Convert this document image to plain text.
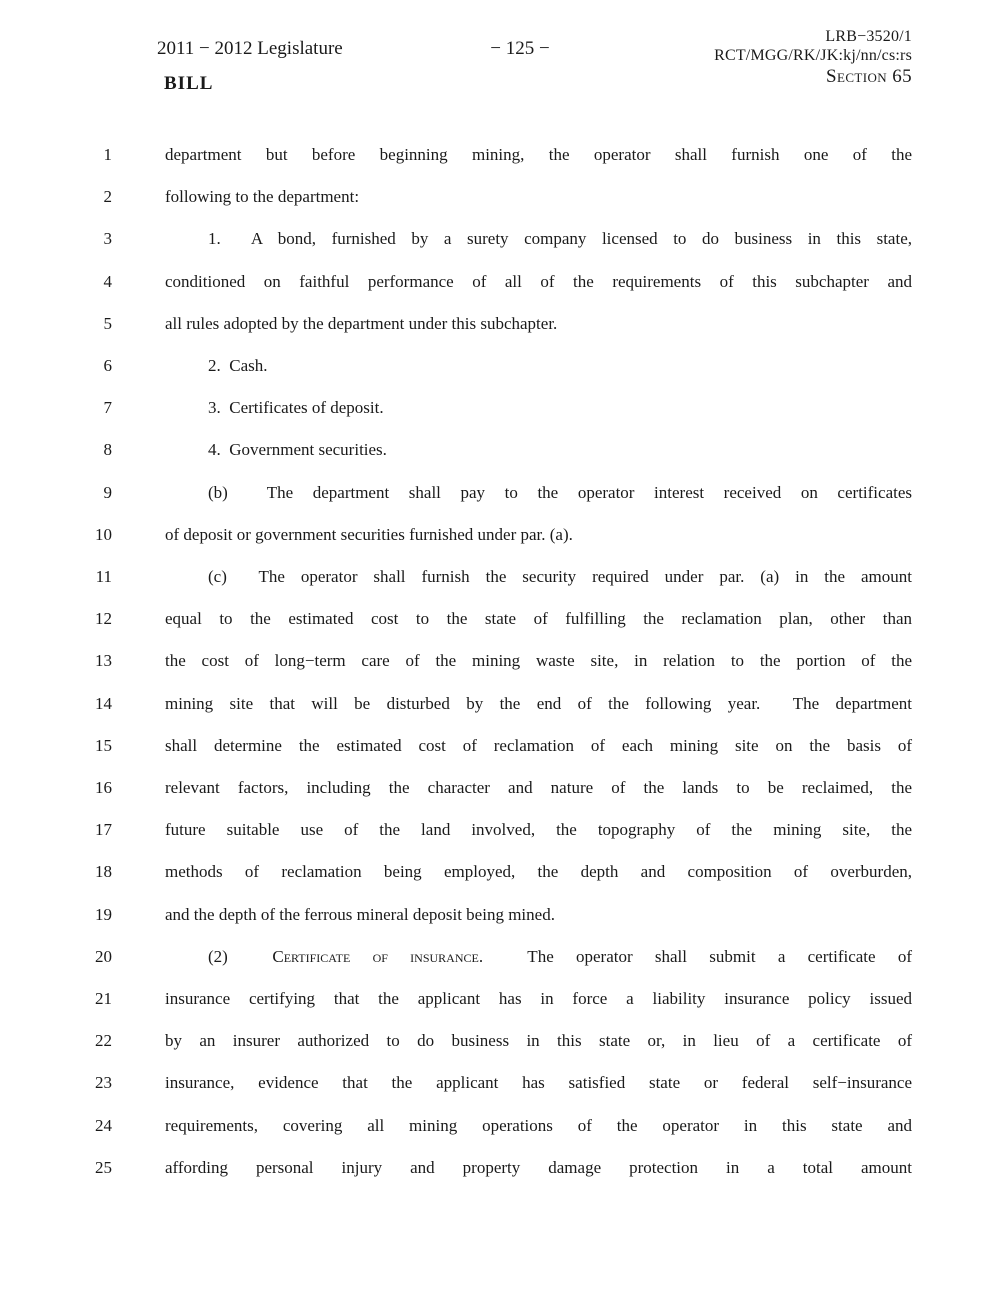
2011 − 2012 Legislature	− 125 −
LRB−3520/1
RCT/MGG/RK/JK:kj/nn/cs:rs
Section 65
BILL
1	department but before beginning mining, the operator shall furnish one of the
2	following to the department:
3	1.  A bond, furnished by a surety company licensed to do business in this state,
4	conditioned on faithful performance of all of the requirements of this subchapter and
5	all rules adopted by the department under this subchapter.
6	2.  Cash.
7	3.  Certificates of deposit.
8	4.  Government securities.
9	(b)  The department shall pay to the operator interest received on certificates
10	of deposit or government securities furnished under par. (a).
11	(c)  The operator shall furnish the security required under par. (a) in the amount
12	equal to the estimated cost to the state of fulfilling the reclamation plan, other than
13	the cost of long−term care of the mining waste site, in relation to the portion of the
14	mining site that will be disturbed by the end of the following year.  The department
15	shall determine the estimated cost of reclamation of each mining site on the basis of
16	relevant factors, including the character and nature of the lands to be reclaimed, the
17	future suitable use of the land involved, the topography of the mining site, the
18	methods of reclamation being employed, the depth and composition of overburden,
19	and the depth of the ferrous mineral deposit being mined.
20	(2)  Certificate of insurance.  The operator shall submit a certificate of
21	insurance certifying that the applicant has in force a liability insurance policy issued
22	by an insurer authorized to do business in this state or, in lieu of a certificate of
23	insurance, evidence that the applicant has satisfied state or federal self−insurance
24	requirements, covering all mining operations of the operator in this state and
25	affording personal injury and property damage protection in a total amount
